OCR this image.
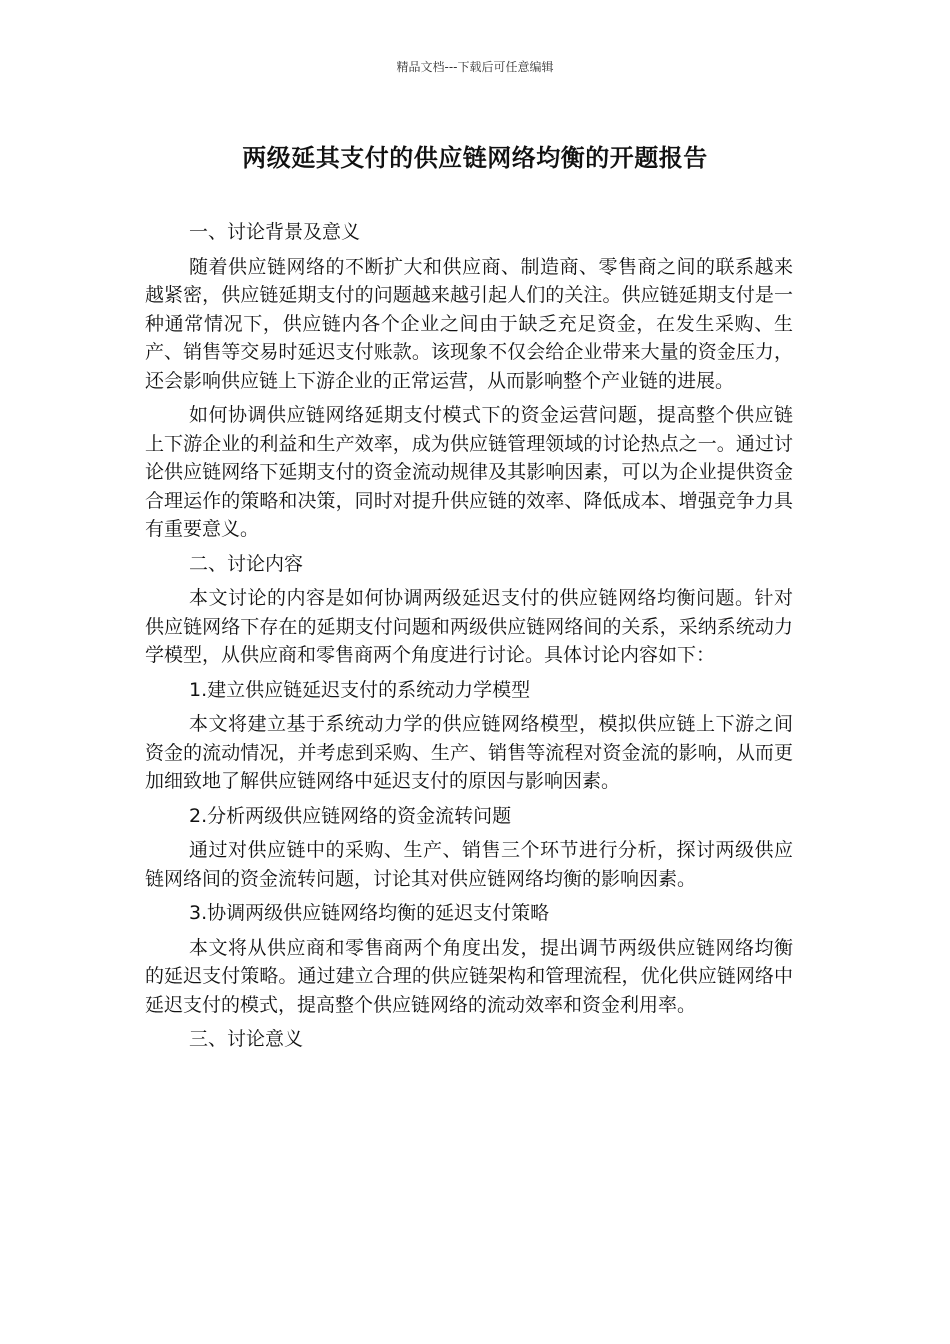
精品文档---下载后可任意编辑
两级延其支付的供应链网络均衡的开题报告

一、讨论背景及意义

随着供应链网络的不断扩大和供应商、制造商、零售商之间的联系越来越紧密，供应链延期支付的问题越来越引起人们的关注。供应链延期支付是一种通常情况下，供应链内各个企业之间由于缺乏充足资金，在发生采购、生产、销售等交易时延迟支付账款。该现象不仅会给企业带来大量的资金压力，还会影响供应链上下游企业的正常运营，从而影响整个产业链的进展。

如何协调供应链网络延期支付模式下的资金运营问题，提高整个供应链上下游企业的利益和生产效率，成为供应链管理领域的讨论热点之一。通过讨论供应链网络下延期支付的资金流动规律及其影响因素，可以为企业提供资金合理运作的策略和决策，同时对提升供应链的效率、降低成本、增强竞争力具有重要意义。

二、讨论内容

本文讨论的内容是如何协调两级延迟支付的供应链网络均衡问题。针对供应链网络下存在的延期支付问题和两级供应链网络间的关系，采纳系统动力学模型，从供应商和零售商两个角度进行讨论。具体讨论内容如下：

1.建立供应链延迟支付的系统动力学模型

本文将建立基于系统动力学的供应链网络模型，模拟供应链上下游之间资金的流动情况，并考虑到采购、生产、销售等流程对资金流的影响，从而更加细致地了解供应链网络中延迟支付的原因与影响因素。

2.分析两级供应链网络的资金流转问题

通过对供应链中的采购、生产、销售三个环节进行分析，探讨两级供应链网络间的资金流转问题，讨论其对供应链网络均衡的影响因素。

3.协调两级供应链网络均衡的延迟支付策略

本文将从供应商和零售商两个角度出发，提出调节两级供应链网络均衡的延迟支付策略。通过建立合理的供应链架构和管理流程，优化供应链网络中延迟支付的模式，提高整个供应链网络的流动效率和资金利用率。

三、讨论意义
